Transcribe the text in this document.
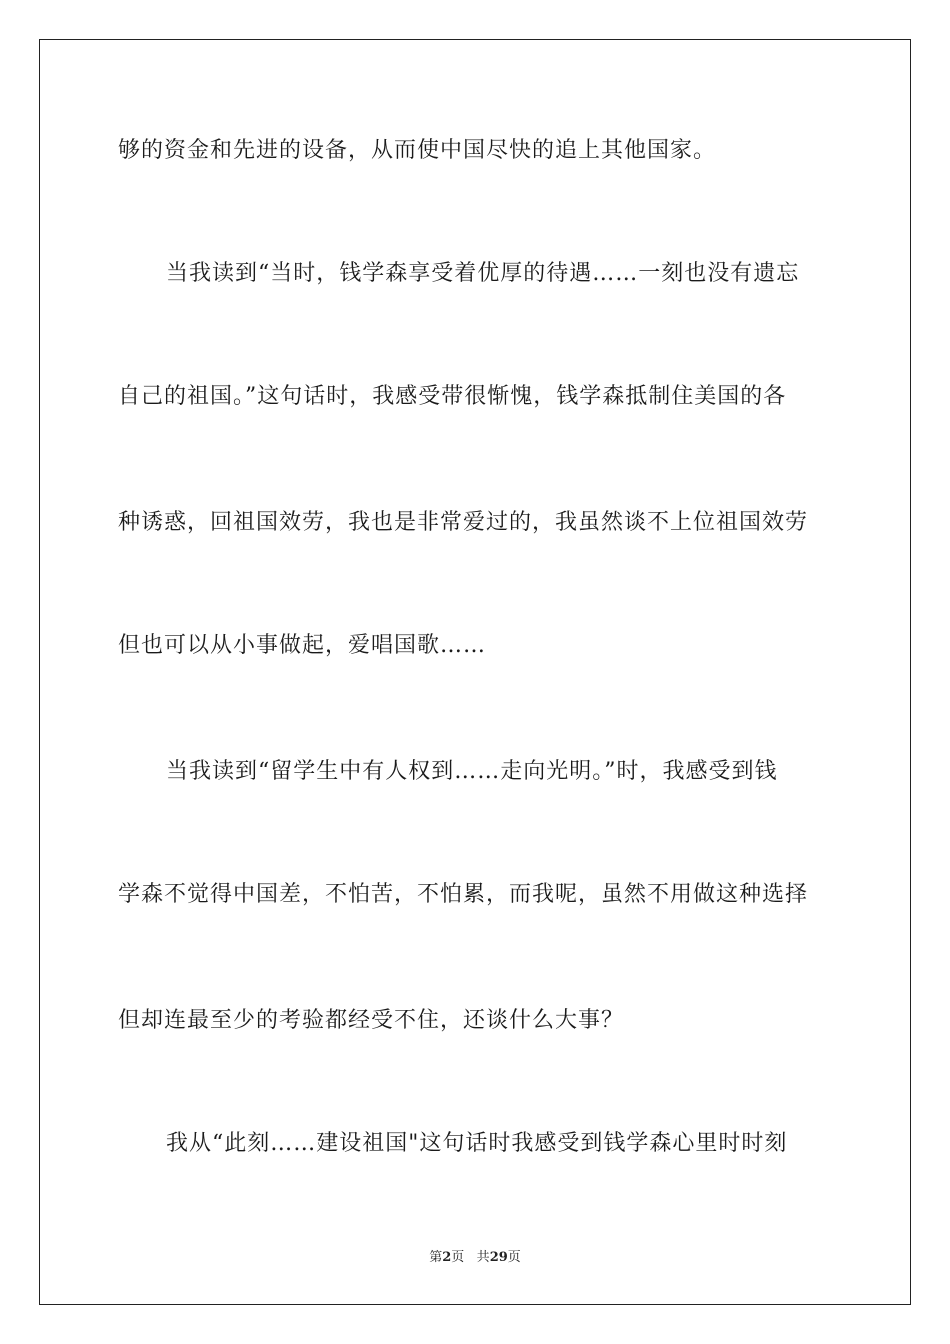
够的资金和先进的设备，从而使中国尽快的追上其他国家。
当我读到“当时，钱学森享受着优厚的待遇……一刻也没有遗忘
自己的祖国。”这句话时，我感受带很惭愧，钱学森抵制住美国的各
种诱惑，回祖国效劳，我也是非常爱过的，我虽然谈不上位祖国效劳
但也可以从小事做起，爱唱国歌……
当我读到“留学生中有人权到……走向光明。”时，我感受到钱
学森不觉得中国差，不怕苦，不怕累，而我呢，虽然不用做这种选择
但却连最至少的考验都经受不住，还谈什么大事？
我从“此刻……建设祖国"这句话时我感受到钱学森心里时时刻
第2页 共29页
